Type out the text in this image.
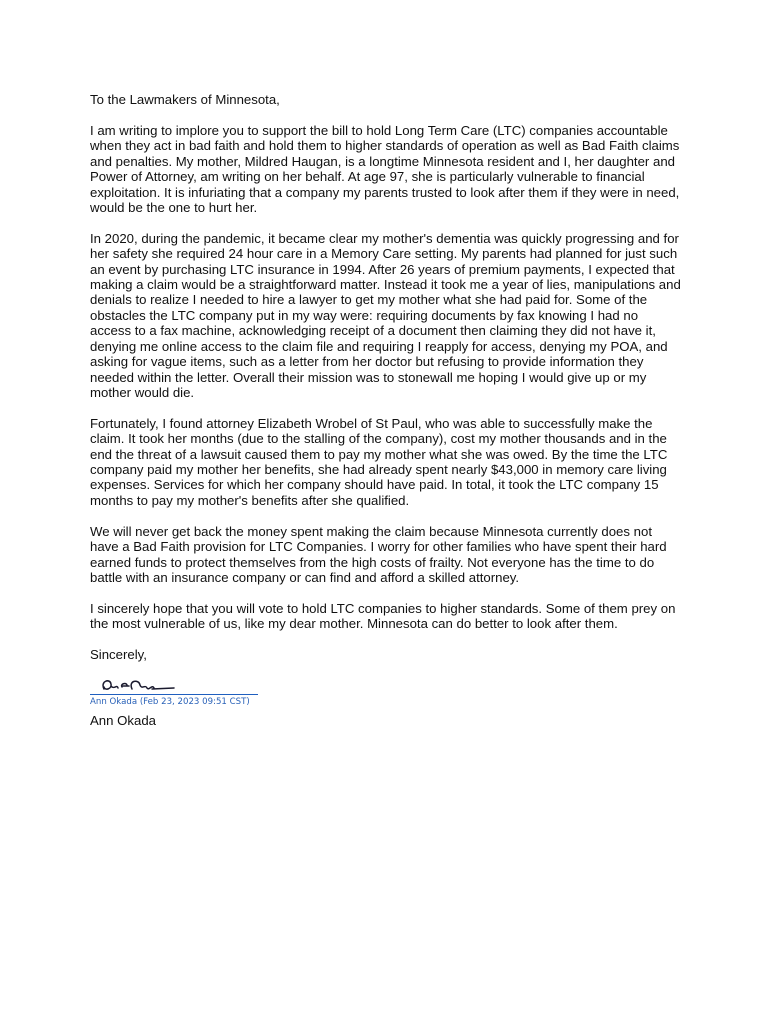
To the Lawmakers of Minnesota,

I am writing to implore you to support the bill to hold Long Term Care (LTC) companies accountable when they act in bad faith and hold them to higher standards of operation as well as Bad Faith claims and penalties. My mother, Mildred Haugan, is a longtime Minnesota resident and I, her daughter and Power of Attorney, am writing on her behalf. At age 97, she is particularly vulnerable to financial exploitation. It is infuriating that a company my parents trusted to look after them if they were in need, would be the one to hurt her.

In 2020, during the pandemic, it became clear my mother's dementia was quickly progressing and for her safety she required 24 hour care in a Memory Care setting. My parents had planned for just such an event by purchasing LTC insurance in 1994. After 26 years of premium payments, I expected that making a claim would be a straightforward matter. Instead it took me a year of lies, manipulations and denials to realize I needed to hire a lawyer to get my mother what she had paid for. Some of the obstacles the LTC company put in my way were: requiring documents by fax knowing I had no access to a fax machine, acknowledging receipt of a document then claiming they did not have it, denying me online access to the claim file and requiring I reapply for access, denying my POA, and asking for vague items, such as a letter from her doctor but refusing to provide information they needed within the letter. Overall their mission was to stonewall me hoping I would give up or my mother would die.

Fortunately, I found attorney Elizabeth Wrobel of St Paul, who was able to successfully make the claim. It took her months (due to the stalling of the company), cost my mother thousands and in the end the threat of a lawsuit caused them to pay my mother what she was owed. By the time the LTC company paid my mother her benefits, she had already spent nearly $43,000 in memory care living expenses. Services for which her company should have paid. In total, it took the LTC company 15 months to pay my mother's benefits after she qualified.

We will never get back the money spent making the claim because Minnesota currently does not have a Bad Faith provision for LTC Companies. I worry for other families who have spent their hard earned funds to protect themselves from the high costs of frailty. Not everyone has the time to do battle with an insurance company or can find and afford a skilled attorney.

I sincerely hope that you will vote to hold LTC companies to higher standards. Some of them prey on the most vulnerable of us, like my dear mother. Minnesota can do better to look after them.

Sincerely,

Ann Okada (Feb 23, 2023 09:51 CST)
Ann Okada
